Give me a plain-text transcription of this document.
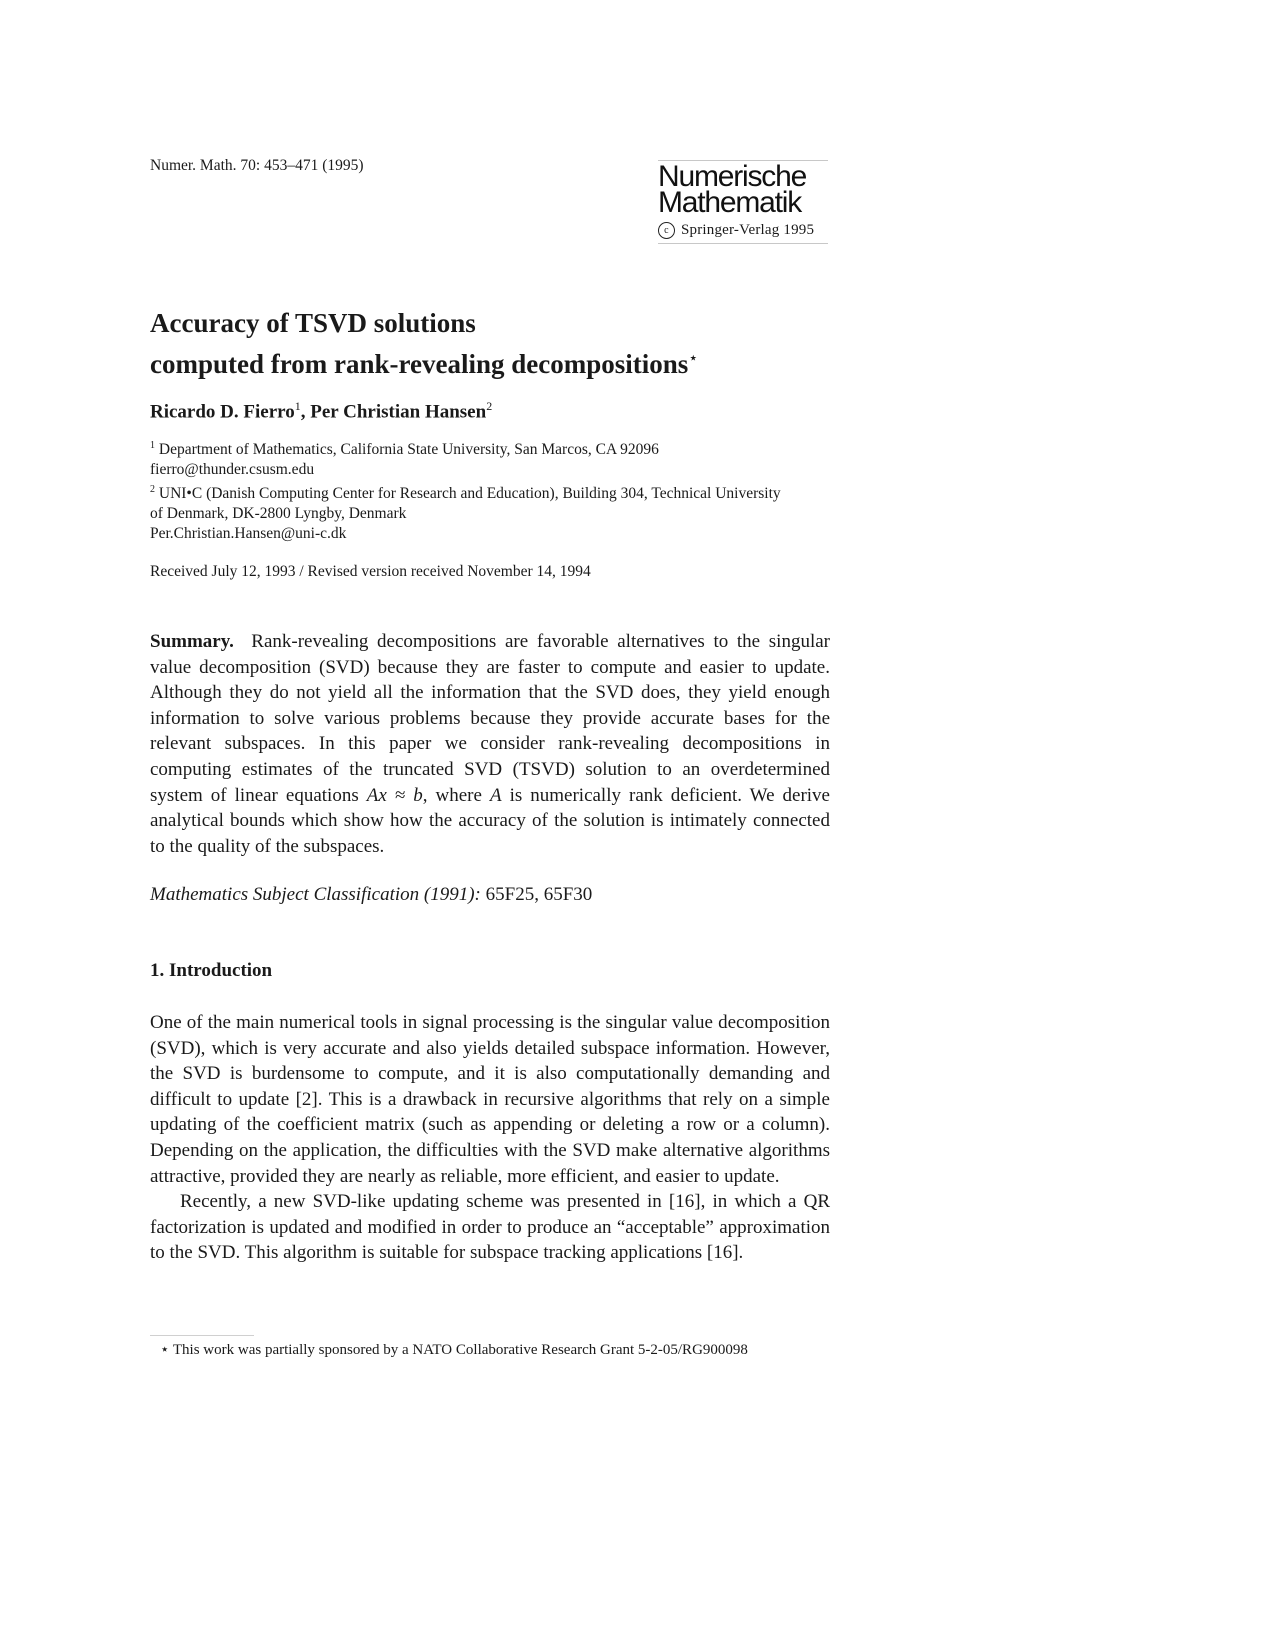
Numer. Math. 70: 453–471 (1995)	Numerische
Mathematik
c Springer-Verlag 1995
Accuracy of TSVD solutions
computed from rank-revealing decompositions⋆
Ricardo D. Fierro$^1$, Per Christian Hansen$^2$
$^1$ Department of Mathematics, California State University, San Marcos, CA 92096
fierro@thunder.csusm.edu
$^2$ UNI•C (Danish Computing Center for Research and Education), Building 304, Technical University
of Denmark, DK-2800 Lyngby, Denmark
Per.Christian.Hansen@uni-c.dk
Received July 12, 1993 / Revised version received November 14, 1994
Summary. Rank-revealing decompositions are favorable alternatives to the singular value decomposition (SVD) because they are faster to compute and easier to update. Although they do not yield all the information that the SVD does, they yield enough information to solve various problems because they provide accurate bases for the relevant subspaces. In this paper we consider rank-revealing decompositions in computing estimates of the truncated SVD (TSVD) solution to an overdetermined system of linear equations Ax ≈ b, where A is numerically rank deficient. We derive analytical bounds which show how the accuracy of the solution is intimately connected to the quality of the subspaces.
Mathematics Subject Classification (1991): 65F25, 65F30
1. Introduction

One of the main numerical tools in signal processing is the singular value decomposition (SVD), which is very accurate and also yields detailed subspace information. However, the SVD is burdensome to compute, and it is also computationally demanding and difficult to update [2]. This is a drawback in recursive algorithms that rely on a simple updating of the coefficient matrix (such as appending or deleting a row or a column). Depending on the application, the difficulties with the SVD make alternative algorithms attractive, provided they are nearly as reliable, more efficient, and easier to update.

Recently, a new SVD-like updating scheme was presented in [16], in which a QR factorization is updated and modified in order to produce an “acceptable” approximation to the SVD. This algorithm is suitable for subspace tracking applications [16].

⋆ This work was partially sponsored by a NATO Collaborative Research Grant 5-2-05/RG900098
